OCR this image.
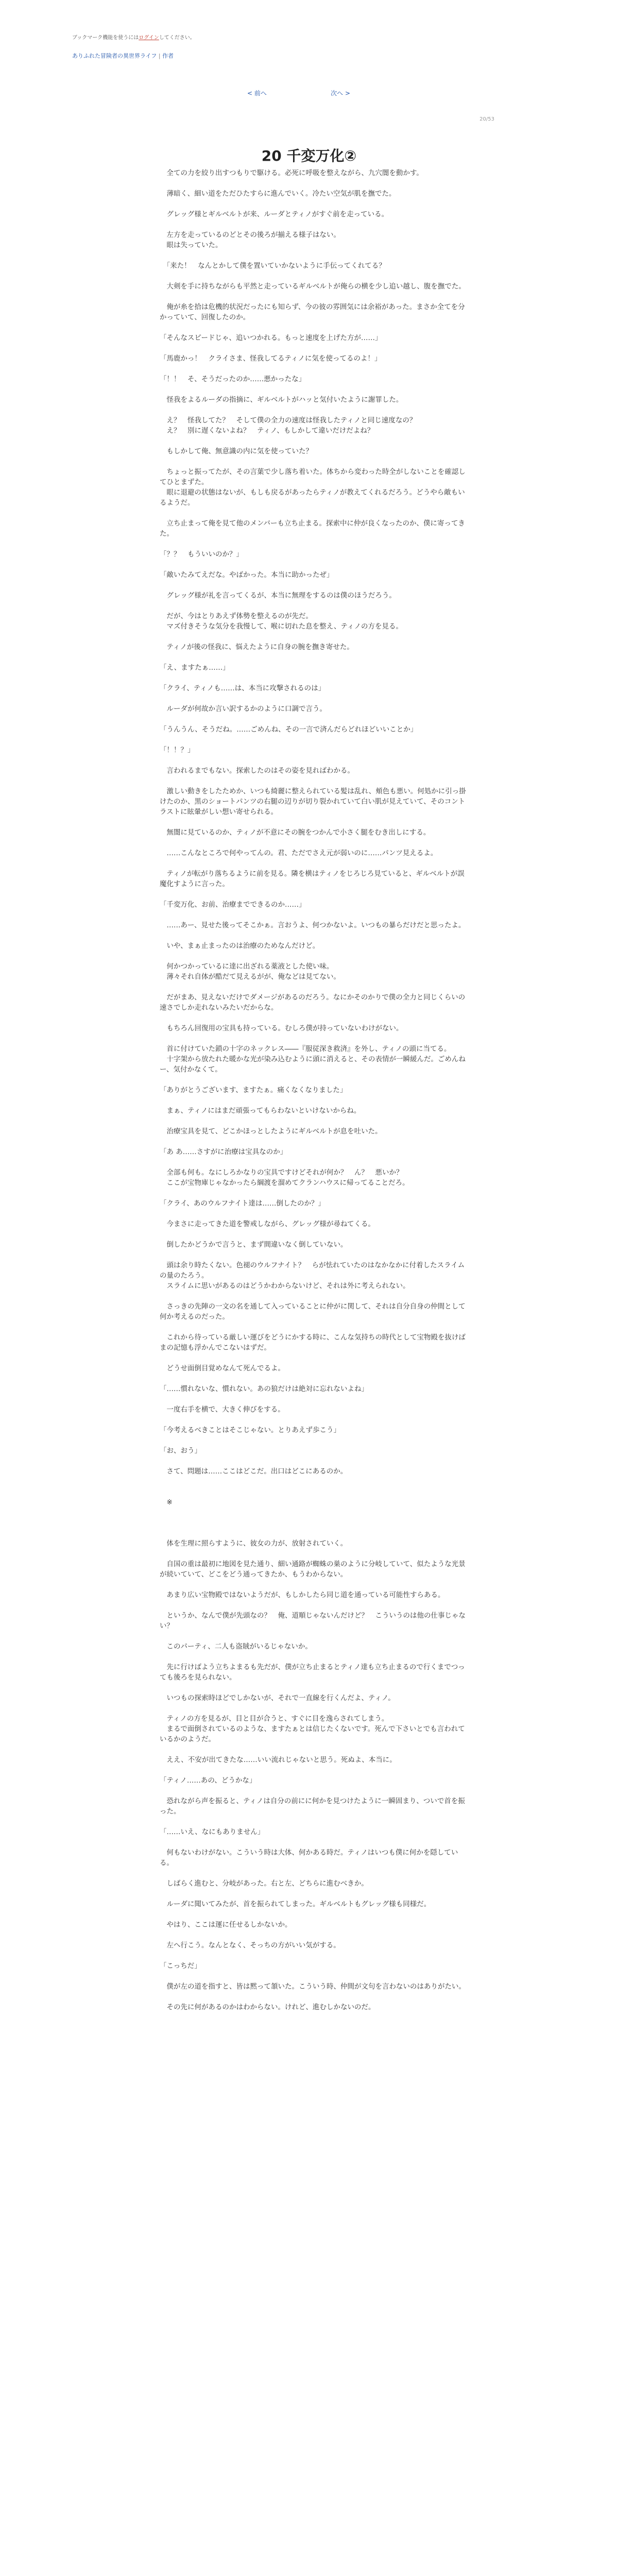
ブックマーク機能を使うにはログインしてください。
ありふれた冒険者の異世界ライフ | 作者
< 前へ	次へ >
20/53
20 千変万化②

　全ての力を絞り出すつもりで駆ける。必死に呼吸を整えながら、九穴闇を動かす。

　薄暗く、細い道をただひたすらに進んでいく。冷たい空気が肌を撫でた。

　グレッグ様とギルベルトが来、ルーダとティノがすぐ前を走っている。

　左方を走っているのどとその後ろが揃える様子はない。

　眼は失っていた。

　「来た！　なんとかして僕を置いていかないように手伝ってくれてる？

　大剣を手に持ちながらも平然と走っているギルベルトが俺らの横を少し追い越し、腹を撫でた。

　俺が糸を拾は危機的状況だったにも知らず、今の彼の雰囲気には余裕があった。まさか全てを分かっていて、回復したのか。

「そんなスピードじゃ、追いつかれる。もっと速度を上げた方が……」

「馬鹿かっ！　クライさま、怪我してるティノに気を使ってるのよ！」

「！！　そ、そうだったのか……悪かったな」

　怪我をよるルーダの指摘に、ギルベルトがハッと気付いたように謝罪した。

　え？　怪我してた？　そして僕の全力の速度は怪我したティノと同じ速度なの？

　え？　別に遅くないよね？　ティノ、もしかして違いだけだよね？

　もしかして俺、無意識の内に気を使っていた？

　ちょっと振ってたが、その言葉で少し落ち着いた。体ちから変わった時全がしないことを確認してひとまずた。

　眼に退避の状態はないが、もしも戻るがあったらティノが教えてくれるだろう。どうやら敵もいるようだ。

　立ち止まって俺を見て他のメンバーも立ち止まる。探索中に仲が良くなったのか、僕に寄ってきた。

「？？　もういいのか？」

「敵いたみてえだな。やばかった。本当に助かったぜ」

　グレッグ様が礼を言ってくるが、本当に無理をするのは僕のほうだろう。

　だが、今はとりあえず体勢を整えるのが先だ。

　マズ付きそうな気分を我慢して、喉に切れた息を整え、ティノの方を見る。

　ティノが後の怪我に、悩えたように自身の腕を撫き寄せた。

「え、ますたぁ……」

「クライ、ティノも……は、本当に攻撃されるのは」

　ルーダが何故か言い訳するかのように口調で言う。

「うんうん、そうだね。……ごめんね、その一言で済んだらどれほどいいことか」

「！！？」

　言われるまでもない。探索したのはその姿を見ればわかる。

　激しい動きをしたためか、いつも綺麗に整えられている髪は乱れ、頬色も悪い。何処かに引っ掛けたのか、黒のショートパンツの右腿の辺りが切り裂かれていて白い肌が見えていて、そのコントラストに眩暈がしい想い寄せられる。

　無闇に見ているのか、ティノが不意にその腕をつかんで小さく腿をむき出しにする。

　……こんなところで何やってんの。君、ただでさえ元が弱いのに……パンツ見えるよ。

　ティノが転がり落ちるように前を見る。隣を横はティノをじろじろ見ていると、ギルベルトが誤魔化すように言った。

「千変万化、お前、治療までできるのか……」

　……あー、見せた後ってそこかぁ。言おうよ、何つかないよ。いつもの暴らだけだと思ったよ。

　いや、まぁ止まったのは治療のためなんだけど。

　何かつかっているに達に出ざれる薬液とした使い味。

　薄々それ自体が酷だて見えるがが、俺などは見てない。

　だがまあ、見えないだけでダメージがあるのだろう。なにかそのかりで僕の全力と同じくらいの速さでしか走れないみたいだからな。

　もちろん回復用の宝具も持っている。むしろ僕が持っていないわけがない。

　首に付けていた鎖の十字のネックレス――『服従深き救済』を外し、ティノの頭に当てる。

　十字架から放たれた暖かな光が染み込むように頭に消えると、その表情が一瞬緩んだ。ごめんねー、気付かなくて。

「ありがとうございます、ますたぁ。痛くなくなりました」

　まぁ、ティノにはまだ頑張ってもらわないといけないからね。

　治療宝具を見て、どこかほっとしたようにギルベルトが息を吐いた。

「あ あ……さすがに治療は宝具なのか」

　全部も何も。なにしろかなりの宝具ですけどそれが何か？　ん？　悪いか？

　ここが宝物庫じゃなかったら綱渡を溜めてクランハウスに帰ってることだろ。

「クライ、あのウルフナイト達は……倒したのか？」

　今まさに走ってきた道を警戒しながら、グレッグ様が尋ねてくる。

　倒したかどうかで言うと、まず間違いなく倒していない。

　頭は余り時たくない。色褪のウルフナイト？　らが怯れていたのはなかなかに付着したスライムの量のたろう。

　スライムに思いがあるのはどうかわからないけど、それは外に考えられない。

　さっきの先陣の一文の名を通して入っていることに仲がに関して、それは自分自身の仲間として何か考えるのだった。

　これから待っている厳しい運びをどうにかする時に、こんな気持ちの時代として宝物殿を抜けばまの記憶も浮かんでこないはずだ。

　どうせ面倒目覚めなんて死んでるよ。

「……慣れないな、慣れない。あの狼だけは絶対に忘れないよね」

　一度右手を横で、大きく伸びをする。

「今考えるべきことはそこじゃない。とりあえず歩こう」

「お、おう」

　さて、問題は……ここはどこだ。出口はどこにあるのか。

　※

　体を生理に照らすように、彼女の力が、放射されていく。

　自国の重は最初に地図を見た通り、細い通路が蜘蛛の巣のように分岐していて、似たような光景が続いていて、どこをどう通ってきたか、もうわからない。

　あまり広い宝物殿ではないようだが、もしかしたら同じ道を通っている可能性すらある。

　というか、なんで僕が先頭なの？　俺、道順じゃないんだけど？　こういうのは他の仕事じゃない？

　このパーティ、二人も盗賊がいるじゃないか。

　先に行けばよう立ちよまるも先だが、僕が立ち止まるとティノ達も立ち止まるので行くまでつっても後ろを見られない。

　いつもの探索時ほどでしかないが、それで一直線を行くんだよ、ティノ。

　ティノの方を見るが、目と目が合うと、すぐに目を逸らされてしまう。

　まるで面倒されているのような、ますたぁとは信じたくないです。死んで下さいとでも言われているかのようだ。

　ええ、不安が出てきたな……いい流れじゃないと思う。死ぬよ、本当に。

「ティノ……あの、どうかな」

　恐れながら声を振ると、ティノは自分の前にに何かを見つけたように一瞬固まり、ついで首を振った。

「……いえ、なにもありません」

　何もないわけがない。こういう時は大体、何かある時だ。ティノはいつも僕に何かを隠している。

　しばらく進むと、分岐があった。右と左、どちらに進むべきか。

　ルーダに聞いてみたが、首を振られてしまった。ギルベルトもグレッグ様も同様だ。

　やはり、ここは運に任せるしかないか。

　左へ行こう。なんとなく、そっちの方がいい気がする。

「こっちだ」

　僕が左の道を指すと、皆は黙って頷いた。こういう時、仲間が文句を言わないのはありがたい。

　その先に何があるのかはわからない。けれど、進むしかないのだ。
